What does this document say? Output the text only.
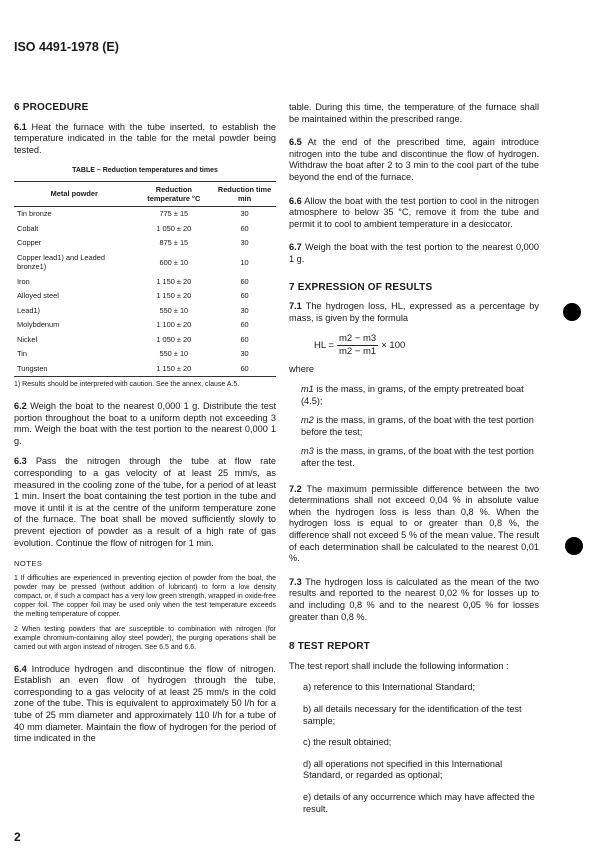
ISO 4491-1978 (E)
6 PROCEDURE

6.1 Heat the furnace with the tube inserted, to establish the temperature indicated in the table for the metal powder being tested.

TABLE – Reduction temperatures and times
Metal powder	Reduction temperature °C	Reduction time min
Tin bronze	775 ± 15	30
Cobalt	1 050 ± 20	60
Copper	875 ± 15	30
Copper lead1) and Leaded bronze1)	600 ± 10	10
Iron	1 150 ± 20	60
Alloyed steel	1 150 ± 20	60
Lead1)	550 ± 10	30
Molybdenum	1 100 ± 20	60
Nickel	1 050 ± 20	60
Tin	550 ± 10	30
Tungsten	1 150 ± 20	60
1) Results should be interpreted with caution. See the annex, clause A.5.

6.2 Weigh the boat to the nearest 0,000 1 g. Distribute the test portion throughout the boat to a uniform depth not exceeding 3 mm. Weigh the boat with the test portion to the nearest 0,000 1 g.

6.3 Pass the nitrogen through the tube at flow rate corresponding to a gas velocity of at least 25 mm/s, as measured in the cooling zone of the tube, for a period of at least 1 min. Insert the boat containing the test portion in the tube and move it until it is at the centre of the uniform temperature zone of the furnace. The boat shall be moved sufficiently slowly to prevent ejection of powder as a result of a high rate of gas evolution. Continue the flow of nitrogen for 1 min.

NOTES
1 If difficulties are experienced in preventing ejection of powder from the boat, the powder may be pressed (without addition of lubricant) to form a low density compact, or, if such a compact has a very low green strength, wrapped in oxide-free copper foil. The copper foil may be used only when the test temperature exceeds the melting temperature of copper.
2 When testing powders that are susceptible to combination with nitrogen (for example chromium-containing alloy steel powder), the purging operations shall be carried out with argon instead of nitrogen. See 6.5 and 6.6.

6.4 Introduce hydrogen and discontinue the flow of nitrogen. Establish an even flow of hydrogen through the tube, corresponding to a gas velocity of at least 25 mm/s in the cold zone of the tube. This is equivalent to approximately 50 l/h for a tube of 25 mm diameter and approximately 110 l/h for a tube of 40 mm diameter. Maintain the flow of hydrogen for the period of time indicated in the

table. During this time, the temperature of the furnace shall be maintained within the prescribed range.

6.5 At the end of the prescribed time, again introduce nitrogen into the tube and discontinue the flow of hydrogen. Withdraw the boat after 2 to 3 min to the cool part of the tube beyond the end of the furnace.

6.6 Allow the boat with the test portion to cool in the nitrogen atmosphere to below 35 °C, remove it from the tube and permit it to cool to ambient temperature in a desiccator.

6.7 Weigh the boat with the test portion to the nearest 0,000 1 g.

7 EXPRESSION OF RESULTS

7.1 The hydrogen loss, HL, expressed as a percentage by mass, is given by the formula

HL = $\frac{m2 - m3}{m2 - m1} \times 100$

where

m1 is the mass, in grams, of the empty pretreated boat (4.5);
m2 is the mass, in grams, of the boat with the test portion before the test;
m3 is the mass, in grams, of the boat with the test portion after the test.

7.2 The maximum permissible difference between the two determinations shall not exceed 0,04 % in absolute value when the hydrogen loss is less than 0,8 %. When the hydrogen loss is equal to or greater than 0,8 %, the difference shall not exceed 5 % of the mean value. The result of each determination shall be calculated to the nearest 0,01 %.

7.3 The hydrogen loss is calculated as the mean of the two results and reported to the nearest 0,02 % for losses up to and including 0,8 % and to the nearest 0,05 % for losses greater than 0,8 %.

8 TEST REPORT

The test report shall include the following information :

a) reference to this International Standard;
b) all details necessary for the identification of the test sample;
c) the result obtained;
d) all operations not specified in this International Standard, or regarded as optional;
e) details of any occurrence which may have affected the result.
2
